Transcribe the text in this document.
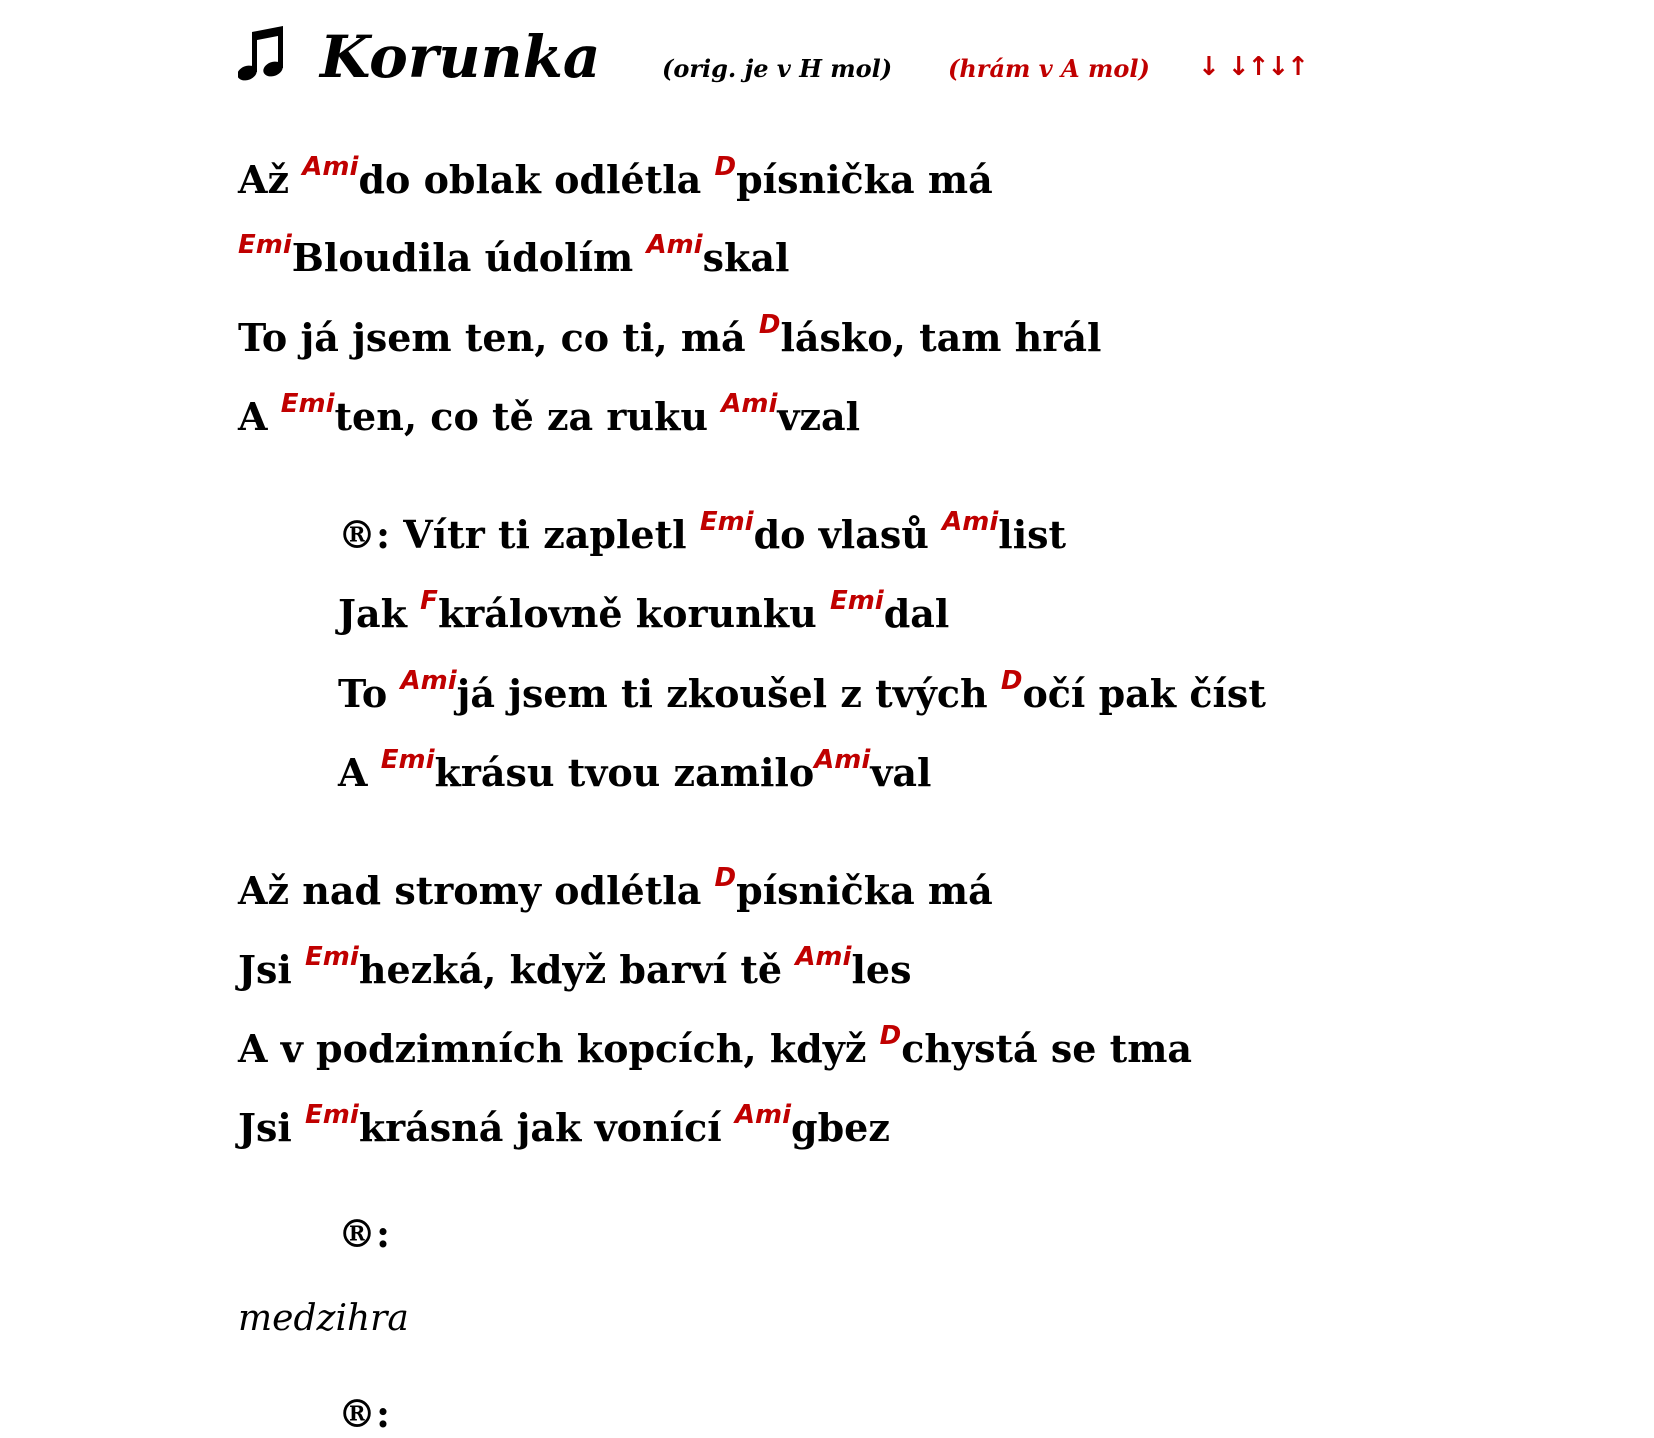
Korunka	(orig. je v H mol) (hrám v A mol) ↓ ↓↑↓↑
Až $^{Ami}$do oblak odlétla $^D$písnička má
$^{Emi}$Bloudila údolím $^{Ami}$skal
To já jsem ten, co ti, má $^D$lásko, tam hrál
A $^{Emi}$ten, co tě za ruku $^{Ami}$vzal
®: Vítr ti zapletl $^{Emi}$do vlasů $^{Ami}$list
Jak $^F$královně korunku $^{Emi}$dal
To $^{Ami}$já jsem ti zkoušel z tvých $^D$očí pak číst
A $^{Emi}$krásu tvou zamilo$^{Ami}$val
Až nad stromy odlétla $^D$písnička má
Jsi $^{Emi}$hezká, když barví tě $^{Ami}$les
A v podzimních kopcích, když $^D$chystá se tma
Jsi $^{Emi}$krásná jak vonící $^{Ami}$gbez
®:
medzihra
®:
